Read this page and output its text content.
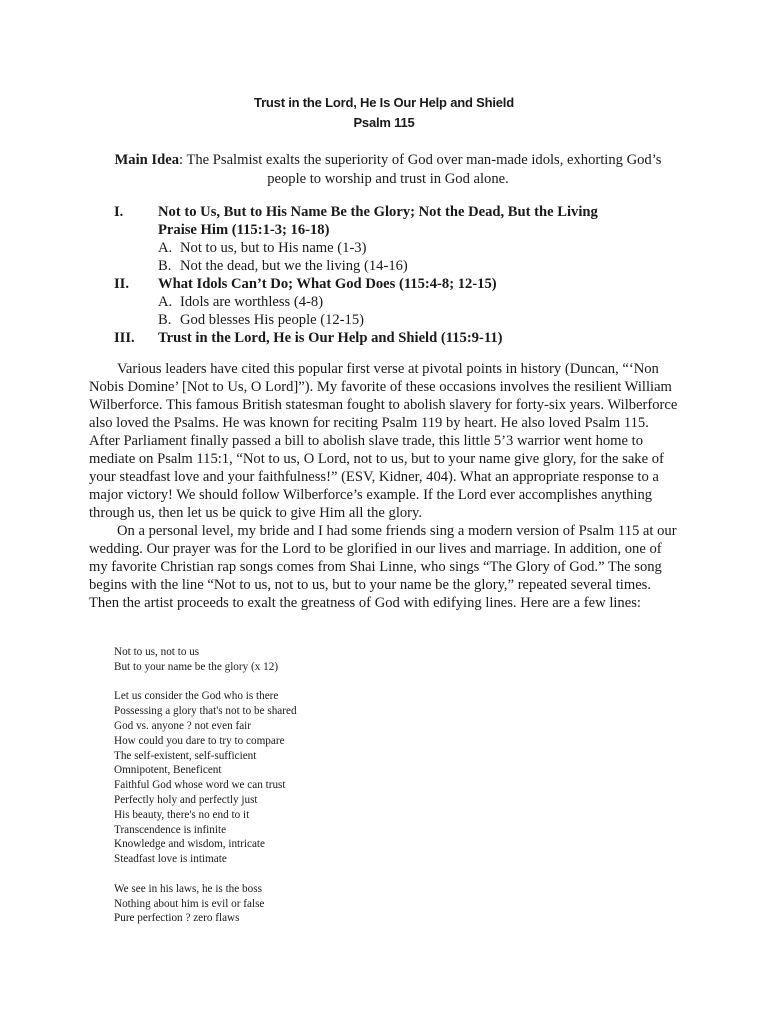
Trust in the Lord, He Is Our Help and Shield
Psalm 115
Main Idea: The Psalmist exalts the superiority of God over man-made idols, exhorting God’s people to worship and trust in God alone.
I. Not to Us, But to His Name Be the Glory; Not the Dead, But the Living
Praise Him (115:1-3; 16-18)
A. Not to us, but to His name (1-3)
B. Not the dead, but we the living (14-16)
II. What Idols Can’t Do; What God Does (115:4-8; 12-15)
A. Idols are worthless (4-8)
B. God blesses His people (12-15)
III. Trust in the Lord, He is Our Help and Shield (115:9-11)

Various leaders have cited this popular first verse at pivotal points in history (Duncan, “‘Non Nobis Domine’ [Not to Us, O Lord]”). My favorite of these occasions involves the resilient William Wilberforce. This famous British statesman fought to abolish slavery for forty-six years. Wilberforce also loved the Psalms. He was known for reciting Psalm 119 by heart. He also loved Psalm 115. After Parliament finally passed a bill to abolish slave trade, this little 5’3 warrior went home to mediate on Psalm 115:1, “Not to us, O Lord, not to us, but to your name give glory, for the sake of your steadfast love and your faithfulness!” (ESV, Kidner, 404). What an appropriate response to a major victory! We should follow Wilberforce’s example. If the Lord ever accomplishes anything through us, then let us be quick to give Him all the glory.

On a personal level, my bride and I had some friends sing a modern version of Psalm 115 at our wedding. Our prayer was for the Lord to be glorified in our lives and marriage. In addition, one of my favorite Christian rap songs comes from Shai Linne, who sings “The Glory of God.” The song begins with the line “Not to us, not to us, but to your name be the glory,” repeated several times. Then the artist proceeds to exalt the greatness of God with edifying lines. Here are a few lines:

Not to us, not to us
But to your name be the glory (x 12)
Let us consider the God who is there
Possessing a glory that's not to be shared
God vs. anyone ? not even fair
How could you dare to try to compare
The self-existent, self-sufficient
Omnipotent, Beneficent
Faithful God whose word we can trust
Perfectly holy and perfectly just
His beauty, there's no end to it
Transcendence is infinite
Knowledge and wisdom, intricate
Steadfast love is intimate
We see in his laws, he is the boss
Nothing about him is evil or false
Pure perfection ? zero flaws
